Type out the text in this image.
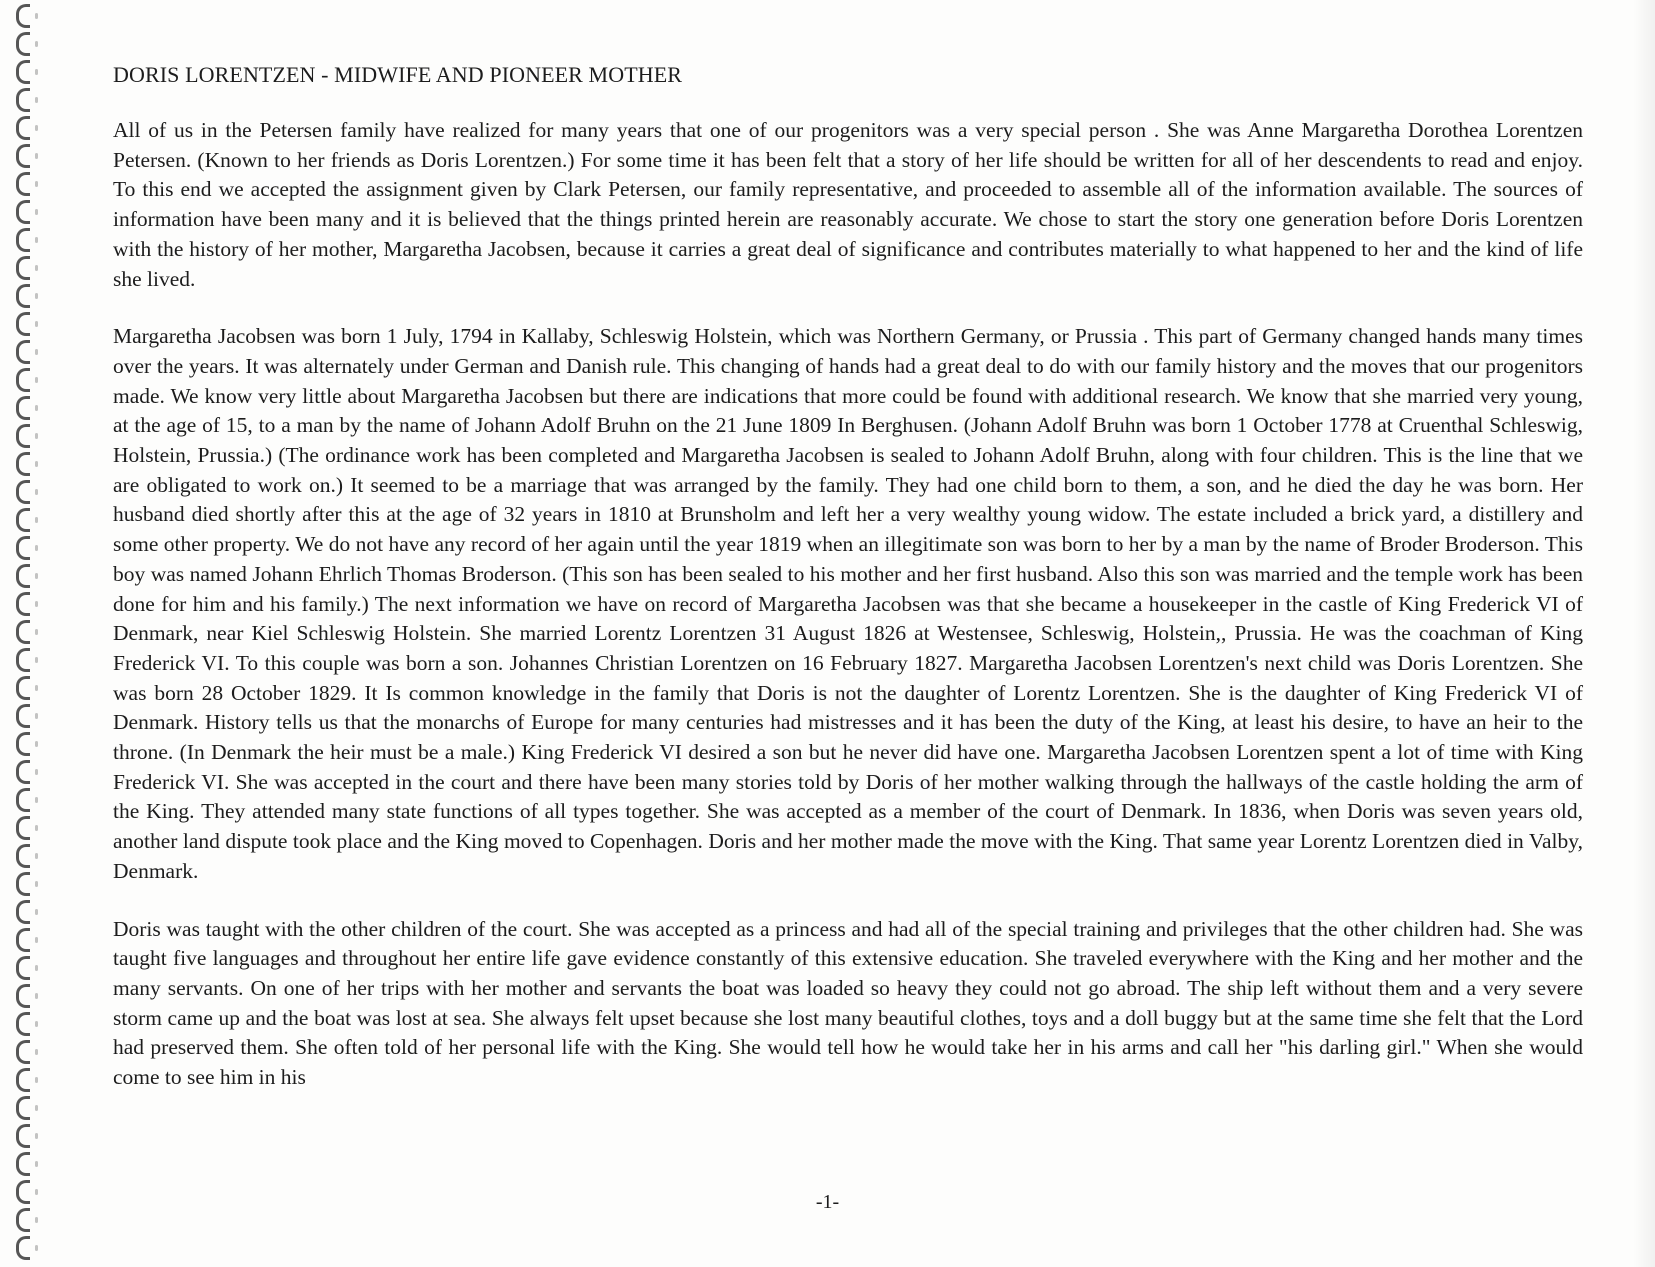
DORIS LORENTZEN - MIDWIFE AND PIONEER MOTHER

All of us in the Petersen family have realized for many years that one of our progenitors was a very special person . She was Anne Margaretha Dorothea Lorentzen Petersen. (Known to her friends as Doris Lorentzen.) For some time it has been felt that a story of her life should be written for all of her descendents to read and enjoy. To this end we accepted the assignment given by Clark Petersen, our family representative, and proceeded to assemble all of the information available. The sources of information have been many and it is believed that the things printed herein are reasonably accurate. We chose to start the story one generation before Doris Lorentzen with the history of her mother, Margaretha Jacobsen, because it carries a great deal of significance and contributes materially to what happened to her and the kind of life she lived.

Margaretha Jacobsen was born 1 July, 1794 in Kallaby, Schleswig Holstein, which was Northern Germany, or Prussia . This part of Germany changed hands many times over the years. It was alternately under German and Danish rule. This changing of hands had a great deal to do with our family history and the moves that our progenitors made. We know very little about Margaretha Jacobsen but there are indications that more could be found with additional research. We know that she married very young, at the age of 15, to a man by the name of Johann Adolf Bruhn on the 21 June 1809 In Berghusen. (Johann Adolf Bruhn was born 1 October 1778 at Cruenthal Schleswig, Holstein, Prussia.) (The ordinance work has been completed and Margaretha Jacobsen is sealed to Johann Adolf Bruhn, along with four children. This is the line that we are obligated to work on.) It seemed to be a marriage that was arranged by the family. They had one child born to them, a son, and he died the day he was born. Her husband died shortly after this at the age of 32 years in 1810 at Brunsholm and left her a very wealthy young widow. The estate included a brick yard, a distillery and some other property. We do not have any record of her again until the year 1819 when an illegitimate son was born to her by a man by the name of Broder Broderson. This boy was named Johann Ehrlich Thomas Broderson. (This son has been sealed to his mother and her first husband. Also this son was married and the temple work has been done for him and his family.) The next information we have on record of Margaretha Jacobsen was that she became a housekeeper in the castle of King Frederick VI of Denmark, near Kiel Schleswig Holstein. She married Lorentz Lorentzen 31 August 1826 at Westensee, Schleswig, Holstein,, Prussia. He was the coachman of King Frederick VI. To this couple was born a son. Johannes Christian Lorentzen on 16 February 1827. Margaretha Jacobsen Lorentzen's next child was Doris Lorentzen. She was born 28 October 1829. It Is common knowledge in the family that Doris is not the daughter of Lorentz Lorentzen. She is the daughter of King Frederick VI of Denmark. History tells us that the monarchs of Europe for many centuries had mistresses and it has been the duty of the King, at least his desire, to have an heir to the throne. (In Denmark the heir must be a male.) King Frederick VI desired a son but he never did have one. Margaretha Jacobsen Lorentzen spent a lot of time with King Frederick VI. She was accepted in the court and there have been many stories told by Doris of her mother walking through the hallways of the castle holding the arm of the King. They attended many state functions of all types together. She was accepted as a member of the court of Denmark. In 1836, when Doris was seven years old, another land dispute took place and the King moved to Copenhagen. Doris and her mother made the move with the King. That same year Lorentz Lorentzen died in Valby, Denmark.

Doris was taught with the other children of the court. She was accepted as a princess and had all of the special training and privileges that the other children had. She was taught five languages and throughout her entire life gave evidence constantly of this extensive education. She traveled everywhere with the King and her mother and the many servants. On one of her trips with her mother and servants the boat was loaded so heavy they could not go abroad. The ship left without them and a very severe storm came up and the boat was lost at sea. She always felt upset because she lost many beautiful clothes, toys and a doll buggy but at the same time she felt that the Lord had preserved them. She often told of her personal life with the King. She would tell how he would take her in his arms and call her "his darling girl." When she would come to see him in his

-1-
